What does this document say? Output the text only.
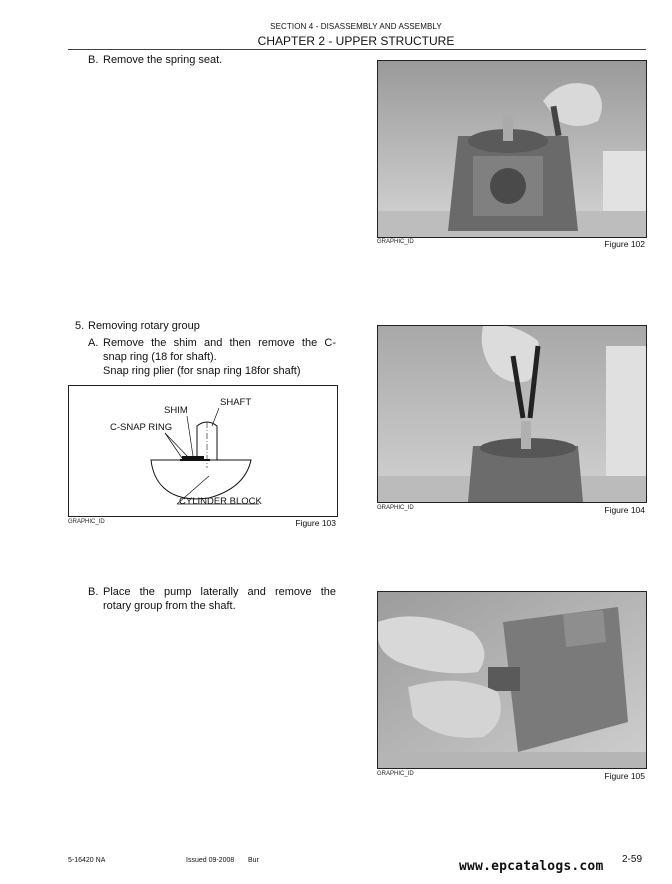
SECTION 4 - DISASSEMBLY AND ASSEMBLY
CHAPTER 2 - UPPER STRUCTURE
B. Remove the spring seat.
GRAPHIC_ID	Figure 102
5. Removing rotary group
A. Remove the shim and then remove the C-
snap ring (18 for shaft).
Snap ring plier (for snap ring 18for shaft)
SHIM
SHAFT
C-SNAP RING
CYLINDER BLOCK
GRAPHIC_ID	Figure 103
GRAPHIC_ID	Figure 104
B. Place the pump laterally and remove the
rotary group from the shaft.
GRAPHIC_ID	Figure 105
5-16420 NA	Issued 09-2008 Bur	www.epcatalogs.com 2-59
